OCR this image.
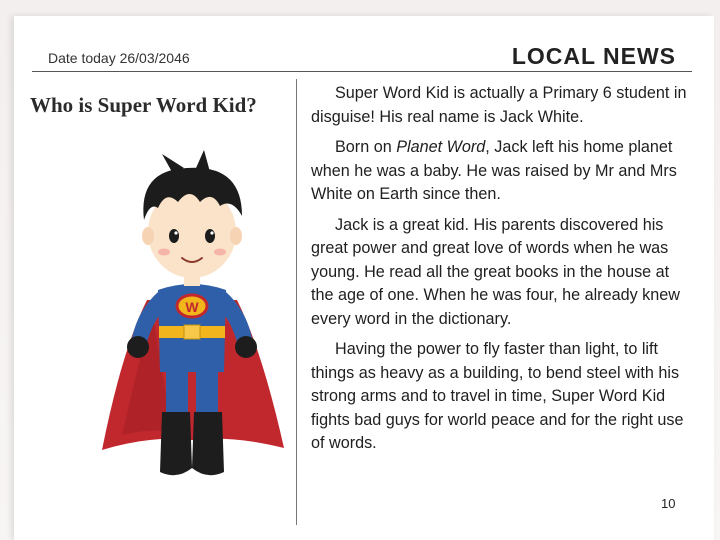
Date today 26/03/2046	LOCAL NEWS
Who is Super Word Kid?
W

Super Word Kid is actually a Primary 6 student in disguise! His real name is Jack White.

Born on Planet Word, Jack left his home planet when he was a baby. He was raised by Mr and Mrs White on Earth since then.

Jack is a great kid. His parents discovered his great power and great love of words when he was young. He read all the great books in the house at the age of one. When he was four, he already knew every word in the dictionary.

Having the power to fly faster than light, to lift things as heavy as a building, to bend steel with his strong arms and to travel in time, Super Word Kid fights bad guys for world peace and for the right use of words.

10
